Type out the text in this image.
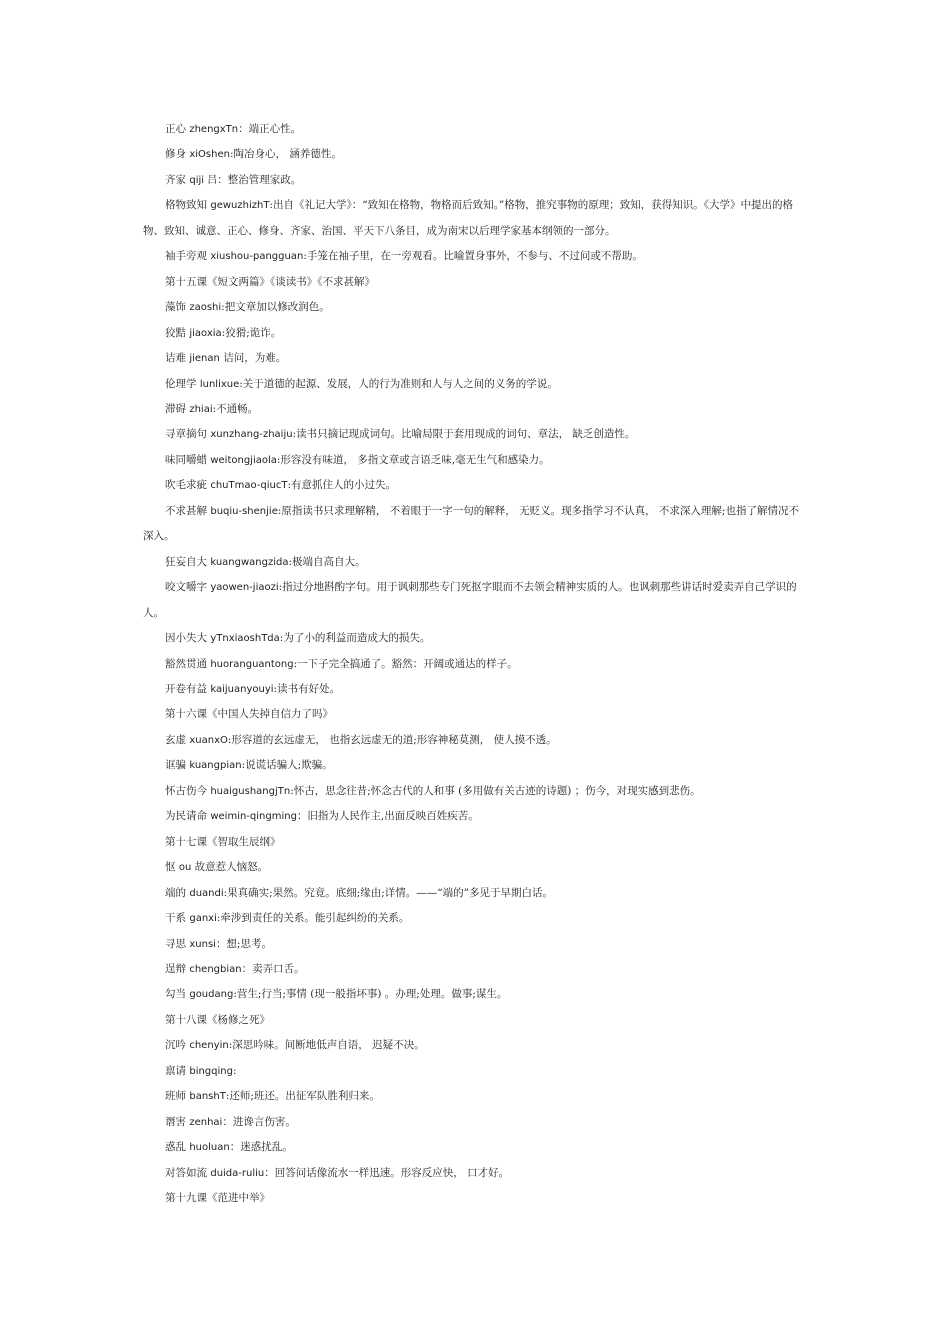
正心 zhengxTn：端正心性。

修身 xiOshen:陶冶身心， 涵养德性。

齐家 qiji 吕：整治管理家政。

格物致知 gewuzhizhT:出自《礼记大学》：“致知在格物，物格而后致知。”格物，推究事物的原理；致知，获得知识。《大学》中提出的格物、致知、诚意、正心、修身、齐家、治国、平天下八条目，成为南宋以后理学家基本纲领的一部分。

袖手旁观 xiushou-pangguan:手笼在袖子里，在一旁观看。比喻置身事外，不参与、不过问或不帮助。

第十五课《短文两篇》《谈读书》《不求甚解》

藻饰 zaoshi:把文章加以修改润色。

狡黠 jiaoxia:狡猾;诡诈。

诘难 jienan 诘问，为难。

伦理学 lunlixue:关于道德的起源、发展，人的行为准则和人与人之间的义务的学说。

滞碍 zhiai:不通畅。

寻章摘句 xunzhang-zhaiju:读书只摘记现成词句。比喻局限于套用现成的词句、章法， 缺乏创造性。

味同嚼蜡 weitongjiaola:形容没有味道， 多指文章或言语乏味,毫无生气和感染力。

吹毛求疵 chuTmao-qiucT:有意抓住人的小过失。

不求甚解 buqiu-shenjie:原指读书只求理解精， 不着眼于一字一句的解释， 无贬义。现多指学习不认真， 不求深入理解;也指了解情况不深入。

狂妄自大 kuangwangzida:极端自高自大。

咬文嚼字 yaowen-jiaozi:指过分地斟酌字句。用于讽刺那些专门死抠字眼而不去领会精神实质的人。也讽刺那些讲话时爱卖弄自己学识的人。

因小失大 yTnxiaoshTda:为了小的利益而造成大的损失。

豁然贯通 huoranguantong:一下子完全搞通了。豁然：开阔或通达的样子。

开卷有益 kaijuanyouyi:读书有好处。

第十六课《中国人失掉自信力了吗》

玄虚 xuanxO:形容道的玄远虚无， 也指玄远虚无的道;形容神秘莫测， 使人摸不透。

诓骗 kuangpian:说谎话骗人;欺骗。

怀古伤今 huaigushangjTn:怀古，思念往昔;怀念古代的人和事 (多用做有关古迹的诗题) ；伤今，对现实感到悲伤。

为民请命 weimin-qingming：旧指为人民作主,出面反映百姓疾苦。

第十七课《智取生辰纲》

怄 ou 故意惹人恼怒。

端的 duandi:果真确实;果然。究竟。底细;缘由;详情。——“端的”多见于早期白话。

干系 ganxi:牵涉到责任的关系。能引起纠纷的关系。

寻思 xunsi：想;思考。

逞辩 chengbian：卖弄口舌。

勾当 goudang:营生;行当;事情 (现一般指坏事) 。办理;处理。做事;谋生。

第十八课《杨修之死》

沉吟 chenyin:深思吟味。间断地低声自语， 迟疑不决。

禀请 bingqing:

班师 banshT:还师;班还。出征军队胜利归来。

谮害 zenhai：进谗言伤害。

惑乱 huoluan：迷惑扰乱。

对答如流 duida-ruliu：回答问话像流水一样迅速。形容反应快， 口才好。

第十九课《范进中举》
